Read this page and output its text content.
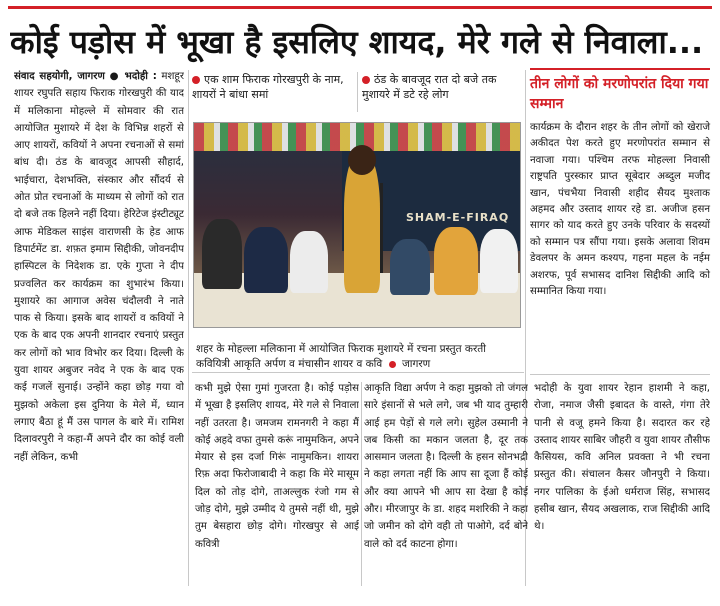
कोई पड़ोस में भूखा है इसलिए शायद, मेरे गले से निवाला...

संवाद सहयोगी, जागरण ● भदोही : मशहूर शायर रघुपति सहाय फिराक गोरखपुरी की याद में मलिकाना मोहल्ले में सोमवार की रात आयोजित मुशायरे में देश के विभिन्न शहरों से आए शायरों, कवियों ने अपना रचनाओं से समां बांध दी। ठंड के बावजूद आपसी सौहार्द, भाईचारा, देशभक्ति, संस्कार और सौंदर्य से ओत प्रोत रचनाओं के माध्यम से लोगों को रात दो बजे तक हिलने नहीं दिया। हेरिटेज इंस्टीट्यूट आफ मेडिकल साइंस वाराणसी के हेड आफ डिपार्टमेंट डा. शफ़त इमाम सिद्दीकी, जोवनदीप हास्पिटल के निदेशक डा. एके गुप्ता ने दीप प्रज्वलित कर कार्यक्रम का शुभारंभ किया। मुशायरे का आगाज अवेस चंदौलवी ने नाते पाक से किया। इसके बाद शायरों व कवियों ने एक के बाद एक अपनी शानदार रचनाएं प्रस्तुत कर लोगों को भाव विभोर कर दिया। दिल्ली के युवा शायर अबुजर नवेद ने एक के बाद एक कई गजलें सुनाई। उन्होंने कहा छोड़ गया वो मुझको अकेला इस दुनिया के मेले में, ध्यान लगाए बैठा हूं मैं उस पागल के बारे में। रामिश दिलावरपुरी ने कहा-मैं अपने दौर का कोई वली नहीं लेकिन, कभी

एक शाम फिराक गोरखपुरी के नाम, शायरों ने बांधा समां
ठंड के बावजूद रात दो बजे तक मुशायरे में डटे रहे लोग
SHAM-E-FIRAQ
शहर के मोहल्ला मलिकाना में आयोजित फिराक मुशायरे में रचना प्रस्तुत करती कवियित्री आकृति अर्पण व मंचासीन शायर व कवि जागरण
तीन लोगों को मरणोपरांत दिया गया सम्मान
कार्यक्रम के दौरान शहर के तीन लोगों को खेराजे अकीदत पेश करते हुए मरणोपरांत सम्मान से नवाजा गया। पश्चिम तरफ मोहल्ला निवासी राष्ट्रपति पुरस्कार प्राप्त सूबेदार अब्दुल मजीद खान, पंचभैया निवासी शहीद सैयद मुश्ताक अहमद और उस्ताद शायर रहे डा. अजीज हसन सागर को याद करते हुए उनके परिवार के सदस्यों को सम्मान पत्र सौंपा गया। इसके अलावा शिवम डेवलपर के अमन कश्यप, गहना महल के नईम अशरफ, पूर्व सभासद दानिश सिद्दीकी आदि को सम्मानित किया गया।

कभी मुझे ऐसा गुमां गुजरता है। कोई पड़ोस में भूखा है इसलिए शायद, मेरे गले से निवाला नहीं उतरता है। जमजम रामनगरी ने कहा मैं कोई अहदे वफा तुमसे करूं नामुमकिन, अपने मेयार से इस दर्जा गिरूं नामुमकिन। शायरा रिफ़ अदा फिरोजाबादी ने कहा कि मेरे मासूम दिल को तोड़ दोगे, ताअल्लुक रंजो गम से जोड़ दोगे, मुझे उम्मीद ये तुमसे नहीं थी, मुझे तुम बेसहारा छोड़ दोगे। गोरखपुर से आई कवित्री

आकृति विद्या अर्पण ने कहा मुझको तो जंगल सारे इंसानों से भले लगे, जब भी याद तुम्हारी आई हम पेड़ों से गले लगे। सुहेल उस्मानी ने जब किसी का मकान जलता है, दूर तक आसमान जलता है। दिल्ली के हसन सोनभद्री ने कहा लगता नहीं कि आप सा दूजा हैं कोई और क्या आपने भी आप सा देखा है कोई और। मीरजापुर के डा. शहद मशरिकी ने कहा जो जमीन को दोगे वही तो पाओगे, दर्द बोने वाले को दर्द काटना होगा।

भदोही के युवा शायर रेहान हाशमी ने कहा, रोजा, नमाज जैसी इबादत के वास्ते, गंगा तेरे पानी से वजू हमने किया है। सदारत कर रहे उस्ताद शायर साबिर जौहरी व युवा शायर तौसीफ कैसियस, कवि अनिल प्रवक्ता ने भी रचना प्रस्तुत की। संचालन कैसर जौनपुरी ने किया। नगर पालिका के ईओ धर्मराज सिंह, सभासद हसीब खान, सैयद अखलाक, राज सिद्दीकी आदि थे।
